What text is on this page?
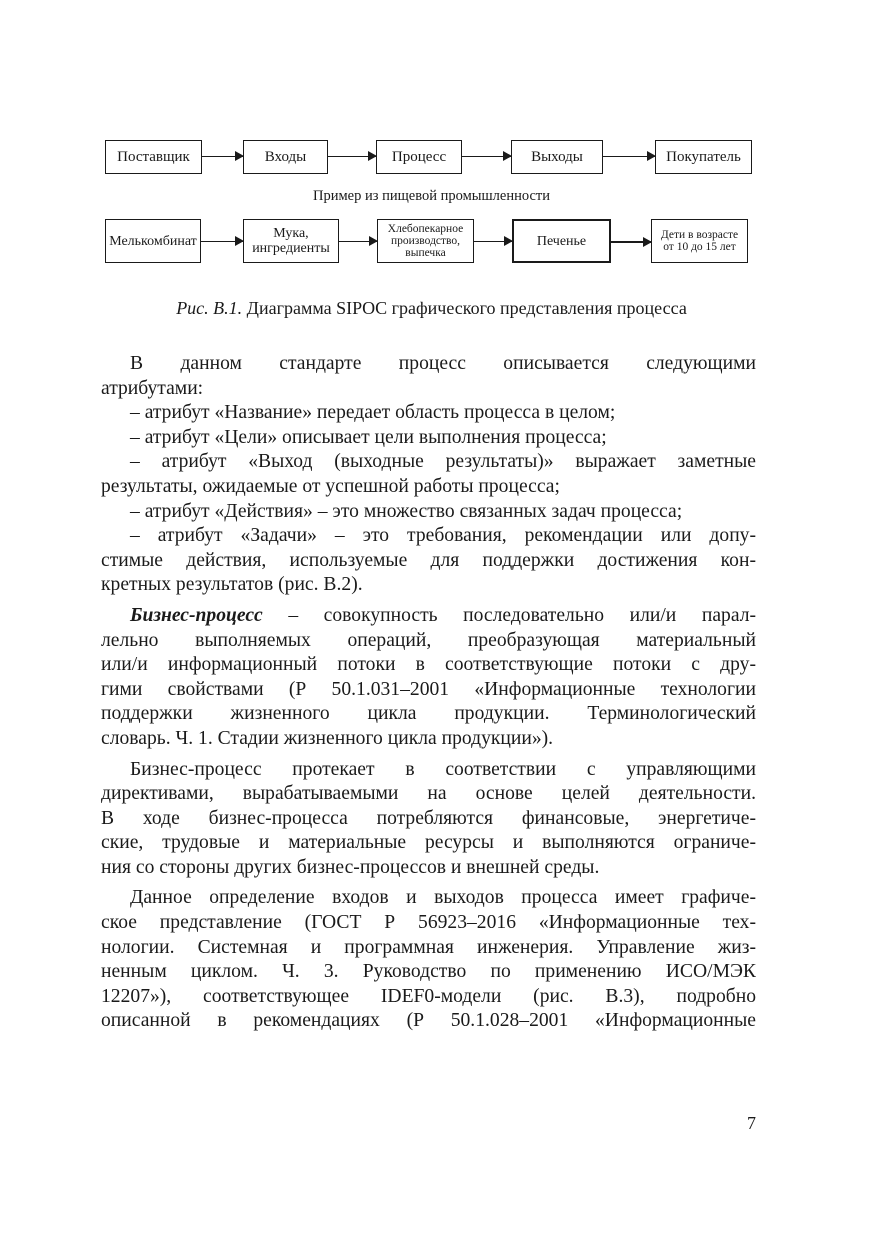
Поставщик	Входы	Процесс	Выходы	Покупатель
Пример из пищевой промышленности
Мелькомбинат	Мука,
ингредиенты
Хлебопекарное
производство,
выпечка
Печенье	Дети в возрасте
от 10 до 15 лет
Рис. В.1. Диаграмма SIPOC графического представления процесса

В данном стандарте процесс описывается следующими
атрибутами:

– атрибут «Название» передает область процесса в целом;

– атрибут «Цели» описывает цели выполнения процесса;

– атрибут «Выход (выходные результаты)» выражает заметные
результаты, ожидаемые от успешной работы процесса;

– атрибут «Действия» – это множество связанных задач процесса;

– атрибут «Задачи» – это требования, рекомендации или допу-
стимые действия, используемые для поддержки достижения кон-
кретных результатов (рис. В.2).

Бизнес-процесс – совокупность последовательно или/и парал-
лельно выполняемых операций, преобразующая материальный
или/и информационный потоки в соответствующие потоки с дру-
гими свойствами (Р 50.1.031–2001 «Информационные технологии
поддержки жизненного цикла продукции. Терминологический
словарь. Ч. 1. Стадии жизненного цикла продукции»).

Бизнес-процесс протекает в соответствии с управляющими
директивами, вырабатываемыми на основе целей деятельности.
В ходе бизнес-процесса потребляются финансовые, энергетиче-
ские, трудовые и материальные ресурсы и выполняются ограниче-
ния со стороны других бизнес-процессов и внешней среды.

Данное определение входов и выходов процесса имеет графиче-
ское представление (ГОСТ Р 56923–2016 «Информационные тех-
нологии. Системная и программная инженерия. Управление жиз-
ненным циклом. Ч. 3. Руководство по применению ИСО/МЭК
12207»), соответствующее IDEF0-модели (рис. В.3), подробно
описанной в рекомендациях (Р 50.1.028–2001 «Информационные

7
